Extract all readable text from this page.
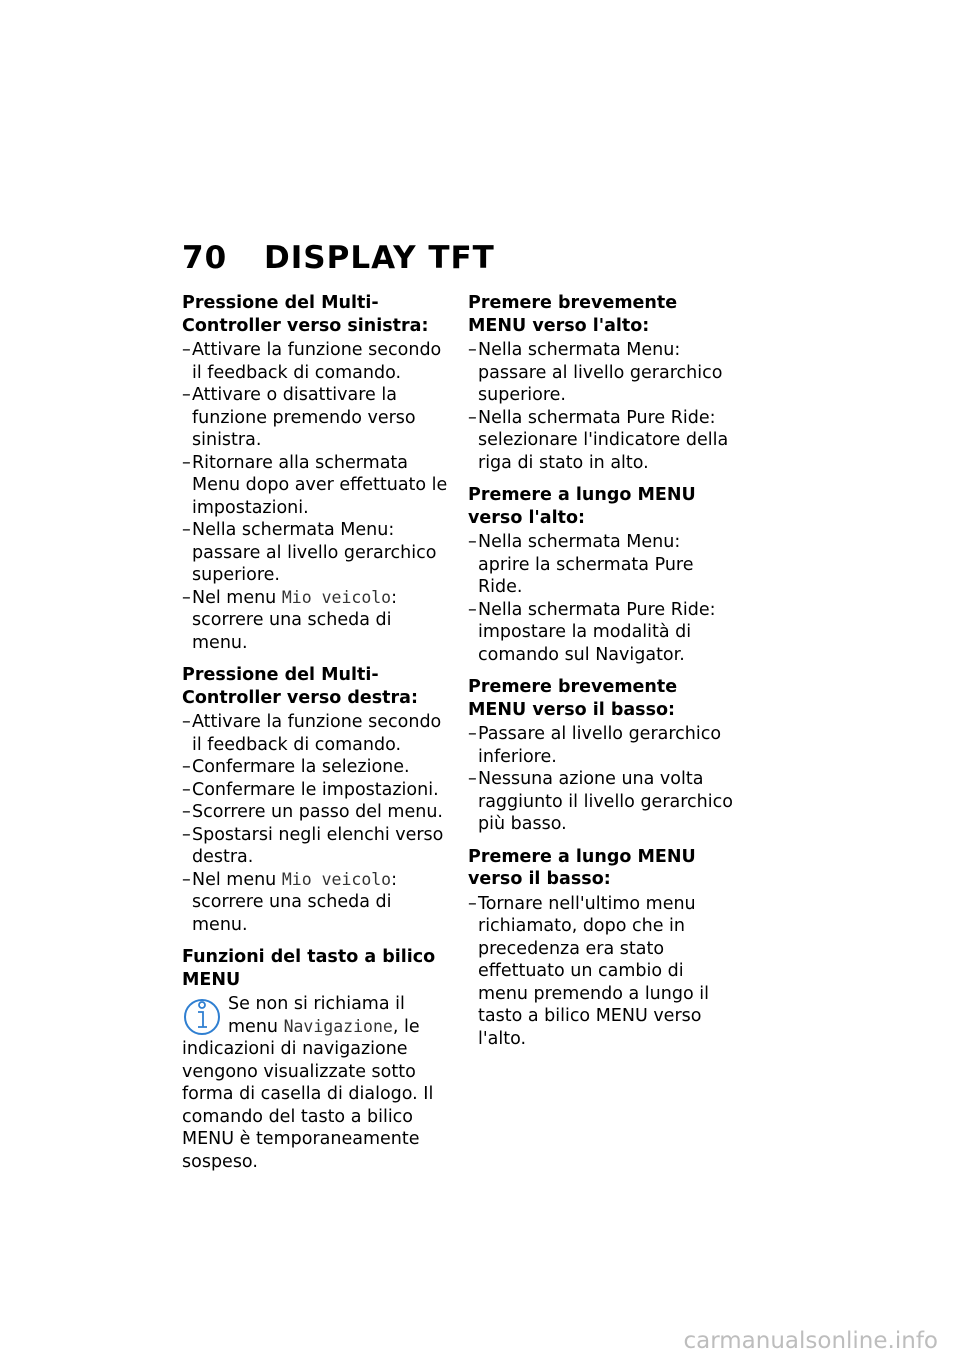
70 DISPLAY TFT

Pressione del Multi-Controller verso sinistra:

– Attivare la funzione secondo il feedback di comando.
– Attivare o disattivare la funzione premendo verso sinistra.
– Ritornare alla schermata Menu dopo aver effettuato le impostazioni.
– Nella schermata Menu: passare al livello gerarchico superiore.
– Nel menu Mio veicolo: scorrere una scheda di menu.

Pressione del Multi-Controller verso destra:

– Attivare la funzione secondo il feedback di comando.
– Confermare la selezione.
– Confermare le impostazioni.
– Scorrere un passo del menu.
– Spostarsi negli elenchi verso destra.
– Nel menu Mio veicolo: scorrere una scheda di menu.

Funzioni del tasto a bilico MENU

Se non si richiama il menu Navigazione, le indicazioni di navigazione vengono visualizzate sotto forma di casella di dialogo. Il comando del tasto a bilico MENU è temporaneamente sospeso.

Premere brevemente MENU verso l'alto:

– Nella schermata Menu: passare al livello gerarchico superiore.
– Nella schermata Pure Ride: selezionare l'indicatore della riga di stato in alto.

Premere a lungo MENU verso l'alto:

– Nella schermata Menu: aprire la schermata Pure Ride.
– Nella schermata Pure Ride: impostare la modalità di comando sul Navigator.

Premere brevemente MENU verso il basso:

– Passare al livello gerarchico inferiore.
– Nessuna azione una volta raggiunto il livello gerarchico più basso.

Premere a lungo MENU verso il basso:

– Tornare nell'ultimo menu richiamato, dopo che in precedenza era stato effettuato un cambio di menu premendo a lungo il tasto a bilico MENU verso l'alto.
carmanualsonline.info
